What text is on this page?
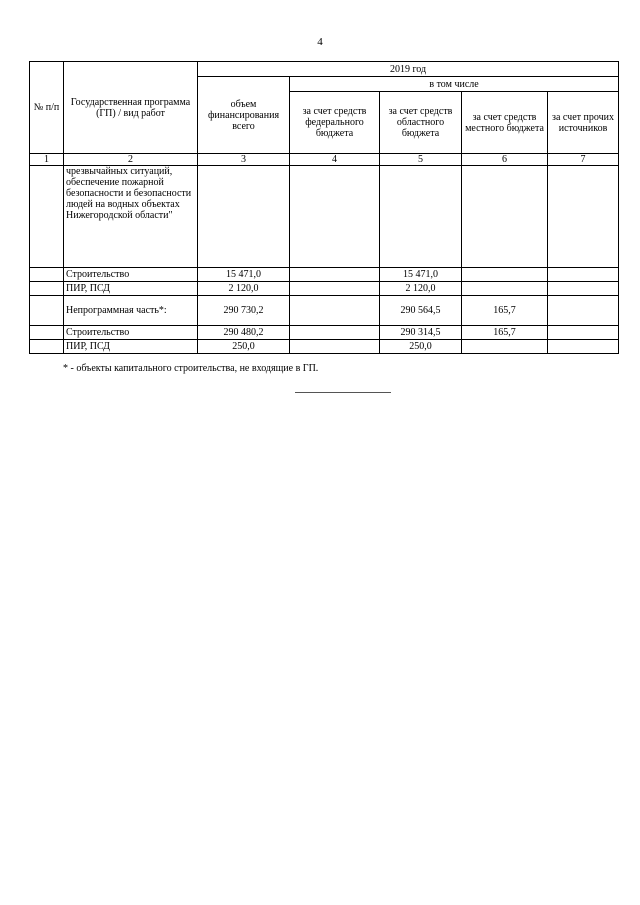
4
№ п/п	Государственная программа (ГП) / вид работ	2019 год				
		объем финансирования всего	в том числе			
			за счет средств федерального бюджета	за счет средств областного бюджета	за счет средств местного бюджета	за счет прочих источников
1	2	3	4	5	6	7
	чрезвычайных ситуаций, обеспечение пожарной безопасности и безопасности людей на водных объектах Нижегородской области"					
	Строительство	15 471,0		15 471,0		
	ПИР, ПСД	2 120,0		2 120,0		
	Непрограммная часть*:	290 730,2		290 564,5	165,7	
	Строительство	290 480,2		290 314,5	165,7	
	ПИР, ПСД	250,0		250,0		
* - объекты капитального строительства, не входящие в ГП.
